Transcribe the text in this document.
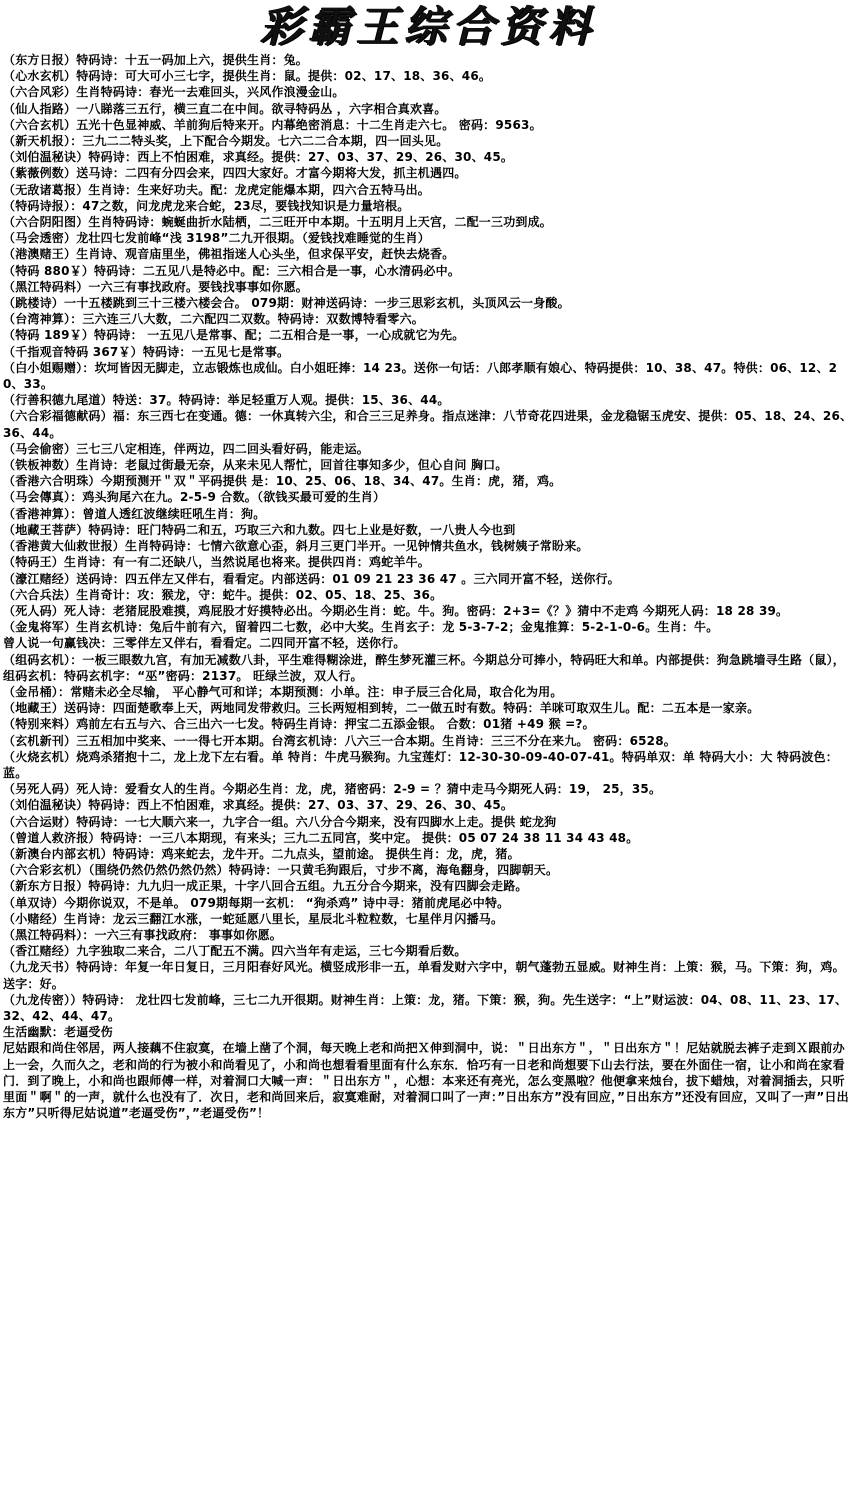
彩霸王综合资料
（东方日报）特码诗：十五一码加上六，提供生肖：兔。
（心水玄机）特码诗：可大可小三七字，提供生肖：鼠。提供：02、17、18、36、46。
（六合风彩）生肖特码诗：春光一去难回头，兴风作浪漫金山。
（仙人指路）一八睇落三五行，横三直二在中间。欲寻特码丛 ，六字相合真欢喜。
（六合玄机）五光十色显神威、羊前狗后特来开。内幕绝密消息：十二生肖走六七。 密码：9563。
（新天机报）：三九二二特头奖，上下配合今期发。七六二二合本期，四一回头见。
（刘伯温秘诀）特码诗：西上不怕困难，求真经。提供：27、03、37、29、26、30、45。
（紫薇例数）送马诗：二四有分四会来，四四大家好。才富今期将大发，抓主机遇四。
（无敌诸葛报）生肖诗：生来好功夫。配：龙虎定能爆本期，四六合五特马出。
（特码诗报）：47之数，问龙虎龙来合蛇，23尽，要钱找知识是力量培根。
（六合阴阳图）生肖特码诗：蜿蜒曲折水陆栖，二三旺开中本期。十五明月上天宫，二配一三功到成。
（马会透密）龙壮四七发前峰“浅 3198”二九开很期。（爱钱找难睡觉的生肖）
（港澳赌王）生肖诗、观音庙里坐，佛祖指迷人心头坐，但求保平安，赶快去烧香。
（特码 880￥）特码诗：二五见八是特必中。配：三六相合是一事，心水清码必中。
（黑江特码料）一六三有事找政府。要钱找事事如你愿。
（跳楼诗）一十五楼跳到三十三楼六楼会合。 079期：财神送码诗：一步三思彩玄机，头顶风云一身酸。
（台湾神算）：三六连三八大数，二六配四二双数。特码诗：双数博特看零六。
（特码 189￥）特码诗： 一五见八是常事、配；二五相合是一事，一心成就它为先。
（千指观音特码 367￥）特码诗：一五见七是常事。
（白小姐赐赠）：坎坷皆因无脚走，立志锻炼也成仙。白小姐旺捧：14 23。送你一句话：八郎孝顺有娘心、特码提供：10、38、47。特供：06、12、20、33。
（行善积德九尾道）特送：37。特码诗：举足轻重万人观。提供：15、36、44。
（六合彩福德献码）福：东三西七在变通。德：一休真转六尘，和合三三足养身。指点迷津：八节奇花四进果，金龙稳锯玉虎安、提供：05、18、24、26、36、44。
（马会偷密）三七三八定相连，伴两边，四二回头看好码，能走运。
（铁板神数）生肖诗：老鼠过街最无奈，从来未见人帮忙，回首往事知多少，但心自问 胸口。
（香港六合明珠）今期预测开＂双＂平码提供 是：10、25、06、18、34、47。生肖：虎，猪，鸡。
（马会傳真）：鸡头狗尾六在九。2-5-9 合数。（欲钱买最可爱的生肖）
（香港神算）：曾道人透红波继续旺吼生肖：狗。
（地藏王菩萨）特码诗：旺门特码二和五，巧取三六和九数。四七上业是好数，一八贵人今也到
（香港黄大仙救世报）生肖特码诗：七情六欲意心歪，斜月三更门半开。一见钟情共鱼水，钱树姨子常盼来。
（特码王）生肖诗：有一有二还缺八，当然说尾也将来。提供四肖：鸡蛇羊牛。
（濠江赌经）送码诗：四五伴左又伴右，看看定。内部送码：01 09 21 23 36 47 。三六同开富不轻，送你行。
（六合兵法）生肖奇计：攻：猴龙，守：蛇牛。提供：02、05、18、25、36。
（死人码）死人诗：老猪屁股难摸，鸡屁股才好摸特必出。今期必生肖：蛇。牛。狗。密码：2+3=《？》猜中不走鸡 今期死人码：18 28 39。
（金鬼将军）生肖玄机诗：兔后牛前有六，留着四二七数，必中大奖。生肖玄子：龙 5-3-7-2；金鬼推算：5-2-1-0-6。生肖：牛。
曾人说一句赢钱决：三零伴左又伴右，看看定。二四同开富不轻，送你行。
（组码玄机）：一板三眼数九宫，有加无减数八卦，平生难得糊涂进，醉生梦死灌三杯。今期总分可捧小，特码旺大和单。内部提供：狗急跳墙寻生路（鼠），组码玄机：特码玄机字：“巫”密码：2137。 旺绿兰波，双人行。
（金吊桶）：常赌未必全尽输， 平心静气可和详；本期预测：小单。注：申子辰三合化局，取合化为用。
（地藏王）送码诗：四面楚歌奉上天，两地同发带救归。三长两短相到转，二一做五时有数。特码：羊咪可取双生儿。配：二五本是一家亲。
（特别来料）鸡前左右五与六、合三出六一七发。特码生肖诗：押宝二五添金银。 合数：01猪 +49 猴 =?。
（玄机新刊）三五相加中奖来、一一得七开本期。台湾玄机诗：八六三一合本期。生肖诗：三三不分在来九。 密码：6528。
（火烧玄机）烧鸡杀猪抱十二，龙上龙下左右看。单 特肖：牛虎马猴狗。九宝莲灯：12-30-30-09-40-07-41。特码单双：单 特码大小：大 特码波色：蓝。
（另死人码）死人诗：爱看女人的生肖。今期必生肖：龙，虎，猪密码：2-9 = ？猜中走马今期死人码：19， 25，35。
（刘伯温秘诀）特码诗：西上不怕困难，求真经。提供：27、03、37、29、26、30、45。
（六合运财）特码诗：一七大顺六来一，九字合一组。六八分合今期来，没有四脚水上走。提供 蛇龙狗
（曾道人救济报）特码诗：一三八本期现，有来头；三九二五同宫，奖中定。 提供：05 07 24 38 11 34 43 48。
（新澳台内部玄机）特码诗：鸡来蛇去，龙牛开。二九点头，望前途。 提供生肖：龙，虎，猪。
（六合彩玄机）（围绕仍然仍然仍然仍然）特码诗：一只黄毛狗跟后，寸步不离，海龟翻身，四脚朝天。
（新东方日报）特码诗：九九归一成正果，十字八回合五组。九五分合今期来，没有四脚会走路。
（单双诗）今期你说双，不是单。 079期每期一玄机： “狗杀鸡” 诗中寻：猪前虎尾必中特。
（小赌经）生肖诗：龙云三翻江水涨，一蛇延愿八里长，星辰北斗粒粒数，七星伴月闪播马。
（黑江特码料）：一六三有事找政府： 事事如你愿。
（香江赌经）九字独取二来合，二八丁配五不满。四六当年有走运，三七今期看后数。
（九龙天书）特码诗：年复一年日复日，三月阳春好风光。横竖成形非一五，单看发财六字中，朝气蓬勃五显威。财神生肖：上策：猴，马。下策：狗，鸡。送字：好。
（九龙传密））特码诗： 龙壮四七发前峰，三七二九开很期。财神生肖：上策：龙，猪。下策：猴，狗。先生送字：“上”财运波：04、08、11、23、17、32、42、44、47。
生活幽默：老逼受伤
尼姑跟和尚住邻居，两人接藕不住寂寞，在墙上凿了个洞，每天晚上老和尚把Ｘ伸到洞中，说：＂日出东方＂，＂日出东方＂！尼姑就脱去裤子走到Ｘ跟前办上一会，久而久之，老和尚的行为被小和尚看见了，小和尚也想看看里面有什么东东．恰巧有一日老和尚想要下山去行法，要在外面住一宿，让小和尚在家看门．到了晚上，小和尚也跟师傅一样，对着洞口大喊一声：＂日出东方＂，心想：本来还有亮光，怎么变黑啦？他便拿来烛台，拔下蜡烛，对着洞插去，只听里面＂啊＂的一声，就什么也没有了．次日，老和尚回来后，寂寞难耐，对着洞口叫了一声：”日出东方”没有回应，”日出东方”还没有回应，又叫了一声”日出东方”只听得尼姑说道”老逼受伤”，”老逼受伤”！
